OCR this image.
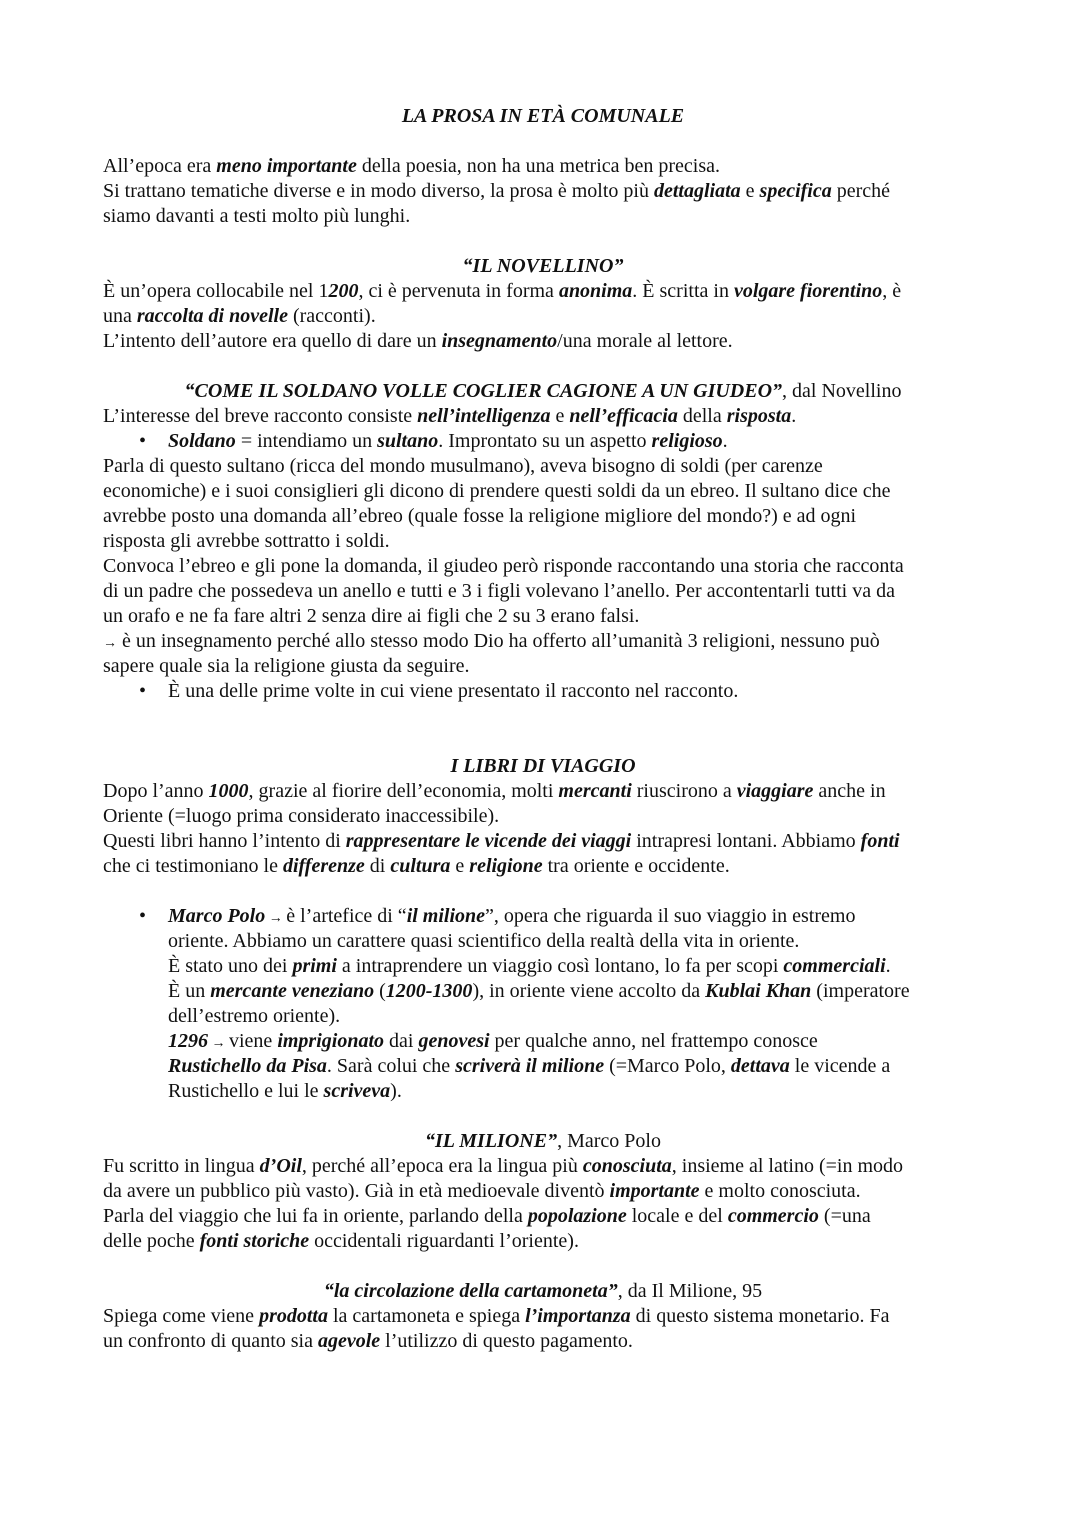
LA PROSA IN ETÀ COMUNALE
All’epoca era meno importante della poesia, non ha una metrica ben precisa.
Si trattano tematiche diverse e in modo diverso, la prosa è molto più dettagliata e specifica perché
siamo davanti a testi molto più lunghi.
“IL NOVELLINO”
È un’opera collocabile nel 1200, ci è pervenuta in forma anonima. È scritta in volgare fiorentino, è
una raccolta di novelle (racconti).
L’intento dell’autore era quello di dare un insegnamento/una morale al lettore.
“COME IL SOLDANO VOLLE COGLIER CAGIONE A UN GIUDEO”, dal Novellino
L’interesse del breve racconto consiste nell’intelligenza e nell’efficacia della risposta.
• Soldano = intendiamo un sultano. Improntato su un aspetto religioso.
Parla di questo sultano (ricca del mondo musulmano), aveva bisogno di soldi (per carenze
economiche) e i suoi consiglieri gli dicono di prendere questi soldi da un ebreo. Il sultano dice che
avrebbe posto una domanda all’ebreo (quale fosse la religione migliore del mondo?) e ad ogni
risposta gli avrebbe sottratto i soldi.
Convoca l’ebreo e gli pone la domanda, il giudeo però risponde raccontando una storia che racconta
di un padre che possedeva un anello e tutti e 3 i figli volevano l’anello. Per accontentarli tutti va da
un orafo e ne fa fare altri 2 senza dire ai figli che 2 su 3 erano falsi.
→ è un insegnamento perché allo stesso modo Dio ha offerto all’umanità 3 religioni, nessuno può
sapere quale sia la religione giusta da seguire.
• È una delle prime volte in cui viene presentato il racconto nel racconto.
I LIBRI DI VIAGGIO
Dopo l’anno 1000, grazie al fiorire dell’economia, molti mercanti riuscirono a viaggiare anche in
Oriente (=luogo prima considerato inaccessibile).
Questi libri hanno l’intento di rappresentare le vicende dei viaggi intrapresi lontani. Abbiamo fonti
che ci testimoniano le differenze di cultura e religione tra oriente e occidente.
• Marco Polo → è l’artefice di “il milione”, opera che riguarda il suo viaggio in estremo
oriente. Abbiamo un carattere quasi scientifico della realtà della vita in oriente.
È stato uno dei primi a intraprendere un viaggio così lontano, lo fa per scopi commerciali.
È un mercante veneziano (1200-1300), in oriente viene accolto da Kublai Khan (imperatore
dell’estremo oriente).
1296 → viene imprigionato dai genovesi per qualche anno, nel frattempo conosce
Rustichello da Pisa. Sarà colui che scriverà il milione (=Marco Polo, dettava le vicende a
Rustichello e lui le scriveva).
“IL MILIONE”, Marco Polo
Fu scritto in lingua d’Oil, perché all’epoca era la lingua più conosciuta, insieme al latino (=in modo
da avere un pubblico più vasto). Già in età medioevale diventò importante e molto conosciuta.
Parla del viaggio che lui fa in oriente, parlando della popolazione locale e del commercio (=una
delle poche fonti storiche occidentali riguardanti l’oriente).
“la circolazione della cartamoneta”, da Il Milione, 95
Spiega come viene prodotta la cartamoneta e spiega l’importanza di questo sistema monetario. Fa
un confronto di quanto sia agevole l’utilizzo di questo pagamento.
